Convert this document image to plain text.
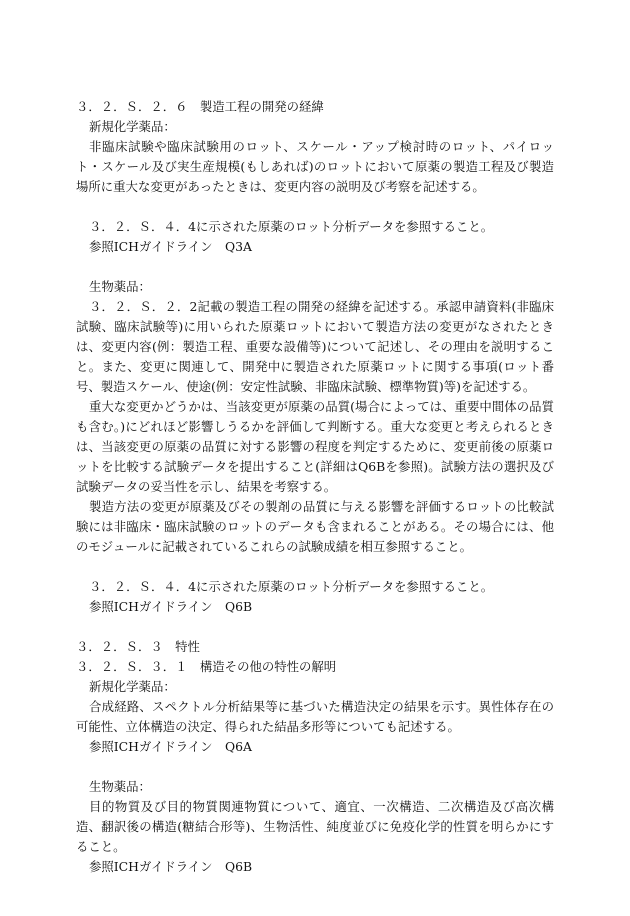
３．２．Ｓ．２．６　製造工程の開発の経緯
新規化学薬品：
非臨床試験や臨床試験用のロット、スケール・アップ検討時のロット、パイロット・スケール及び実生産規模(もしあれば)のロットにおいて原薬の製造工程及び製造場所に重大な変更があったときは、変更内容の説明及び考察を記述する。
３．２．Ｓ．４．4に示された原薬のロット分析データを参照すること。
参照ICHガイドライン　Q3A
生物薬品：
３．２．Ｓ．２．2記載の製造工程の開発の経緯を記述する。承認申請資料(非臨床試験、臨床試験等)に用いられた原薬ロットにおいて製造方法の変更がなされたときは、変更内容(例：製造工程、重要な設備等)について記述し、その理由を説明すること。また、変更に関連して、開発中に製造された原薬ロットに関する事項(ロット番号、製造スケール、使途(例：安定性試験、非臨床試験、標準物質)等)を記述する。
重大な変更かどうかは、当該変更が原薬の品質(場合によっては、重要中間体の品質も含む。)にどれほど影響しうるかを評価して判断する。重大な変更と考えられるときは、当該変更の原薬の品質に対する影響の程度を判定するために、変更前後の原薬ロットを比較する試験データを提出すること(詳細はQ6Bを参照)。試験方法の選択及び試験データの妥当性を示し、結果を考察する。
製造方法の変更が原薬及びその製剤の品質に与える影響を評価するロットの比較試験には非臨床・臨床試験のロットのデータも含まれることがある。その場合には、他のモジュールに記載されているこれらの試験成績を相互参照すること。
３．２．Ｓ．４．4に示された原薬のロット分析データを参照すること。
参照ICHガイドライン　Q6B
３．２．Ｓ．３　特性
３．２．Ｓ．３．１　構造その他の特性の解明
新規化学薬品：
合成経路、スペクトル分析結果等に基づいた構造決定の結果を示す。異性体存在の可能性、立体構造の決定、得られた結晶多形等についても記述する。
参照ICHガイドライン　Q6A
生物薬品：
目的物質及び目的物質関連物質について、適宜、一次構造、二次構造及び高次構造、翻訳後の構造(糖結合形等)、生物活性、純度並びに免疫化学的性質を明らかにすること。
参照ICHガイドライン　Q6B
